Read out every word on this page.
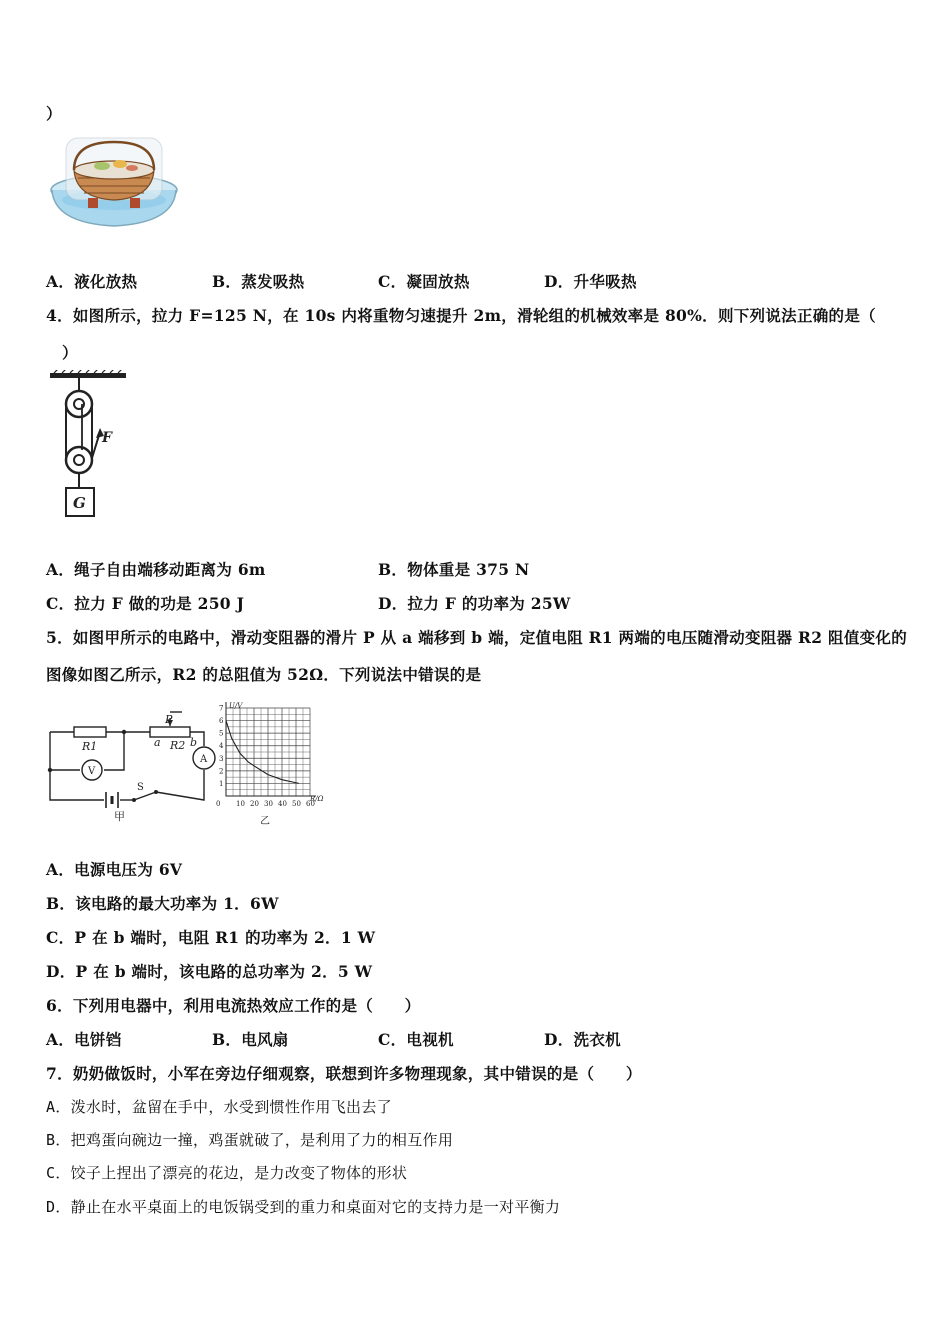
）
A．液化放热	B．蒸发吸热	C．凝固放热	D．升华吸热
4．如图所示，拉力 F=125 N，在 10s 内将重物匀速提升 2m，滑轮组的机械效率是 80%．则下列说法正确的是（
）
F
G
A．绳子自由端移动距离为 6m	B．物体重是 375 N
C．拉力 F 做的功是 250 J	D．拉力 F 的功率为 25W
5．如图甲所示的电路中，滑动变阻器的滑片 P 从 a 端移到 b 端，定值电阻 R1 两端的电压随滑动变阻器 R2 阻值变化的
图像如图乙所示，R2 的总阻值为 52Ω．下列说法中错误的是
R1	R2
P
a	b
V
A
S
甲
0 10 20 30 40 50 60
1
2
3
4
5
6
7 U/V
R/Ω
乙
A．电源电压为 6V
B．该电路的最大功率为 1．6W
C．P 在 b 端时，电阻 R1 的功率为 2．1 W
D．P 在 b 端时，该电路的总功率为 2．5 W
6．下列用电器中，利用电流热效应工作的是（　　）
A．电饼铛	B．电风扇	C．电视机	D．洗衣机
7．奶奶做饭时，小军在旁边仔细观察，联想到许多物理现象，其中错误的是（　　）
A．泼水时，盆留在手中，水受到惯性作用飞出去了
B．把鸡蛋向碗边一撞，鸡蛋就破了，是利用了力的相互作用
C．饺子上捏出了漂亮的花边，是力改变了物体的形状
D．静止在水平桌面上的电饭锅受到的重力和桌面对它的支持力是一对平衡力
